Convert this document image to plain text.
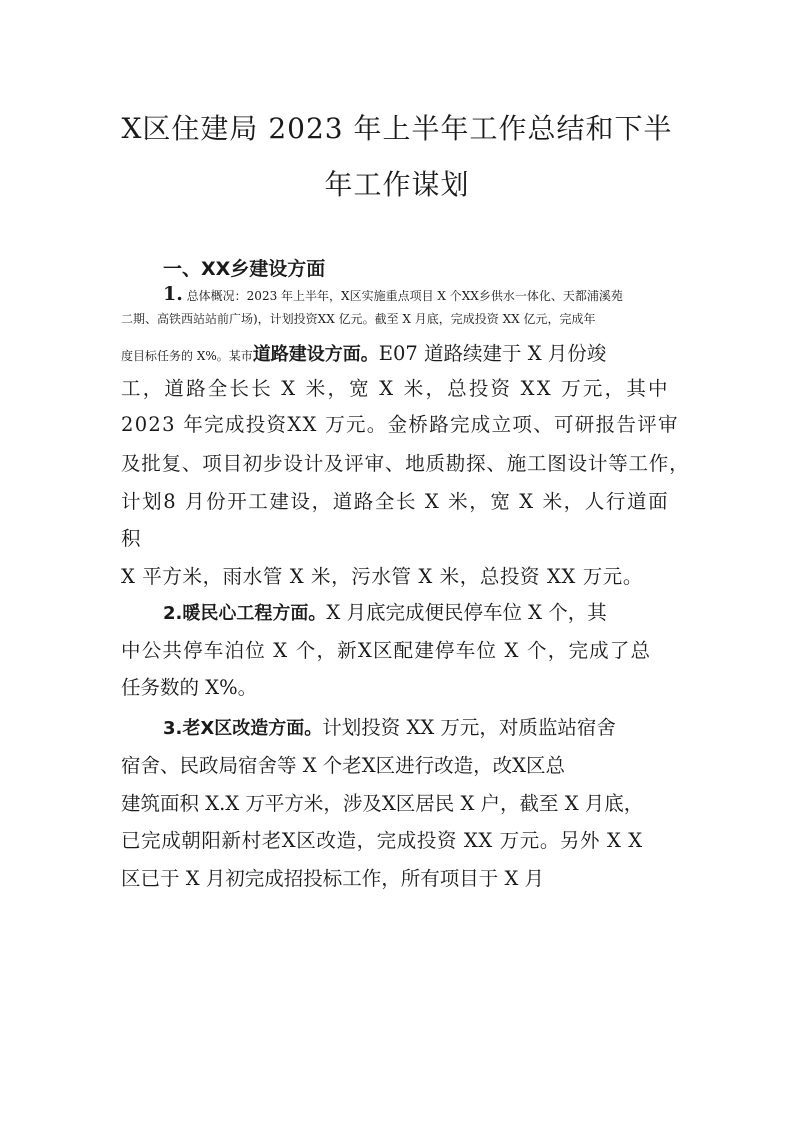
X区住建局 2023 年上半年工作总结和下半
年工作谋划
一、XX乡建设方面
1. 总体概况：2023 年上半年，X区实施重点项目 X 个XX乡供水一体化、天都浦溪苑
二期、高铁西站站前广场)，计划投资XX 亿元。截至 X 月底，完成投资 XX 亿元，完成年
度目标任务的 X%。某市道路建设方面。E07 道路续建于 X 月份竣
工，道路全长长 X 米，宽 X 米，总投资 XX 万元，其中
2023 年完成投资XX 万元。金桥路完成立项、可研报告评审
及批复、项目初步设计及评审、地质勘探、施工图设计等工作，
计划8 月份开工建设，道路全长 X 米，宽 X 米，人行道面
积
X 平方米，雨水管 X 米，污水管 X 米，总投资 XX 万元。
2.暖民心工程方面。X 月底完成便民停车位 X 个，其
中公共停车泊位 X 个，新X区配建停车位 X 个，完成了总
任务数的 X%。
3.老X区改造方面。计划投资 XX 万元，对质监站宿舍
宿舍、民政局宿舍等 X 个老X区进行改造，改X区总
建筑面积 X.X 万平方米，涉及X区居民 X 户，截至 X 月底，
已完成朝阳新村老X区改造，完成投资 XX 万元。另外 X X
区已于 X 月初完成招投标工作，所有项目于 X 月
